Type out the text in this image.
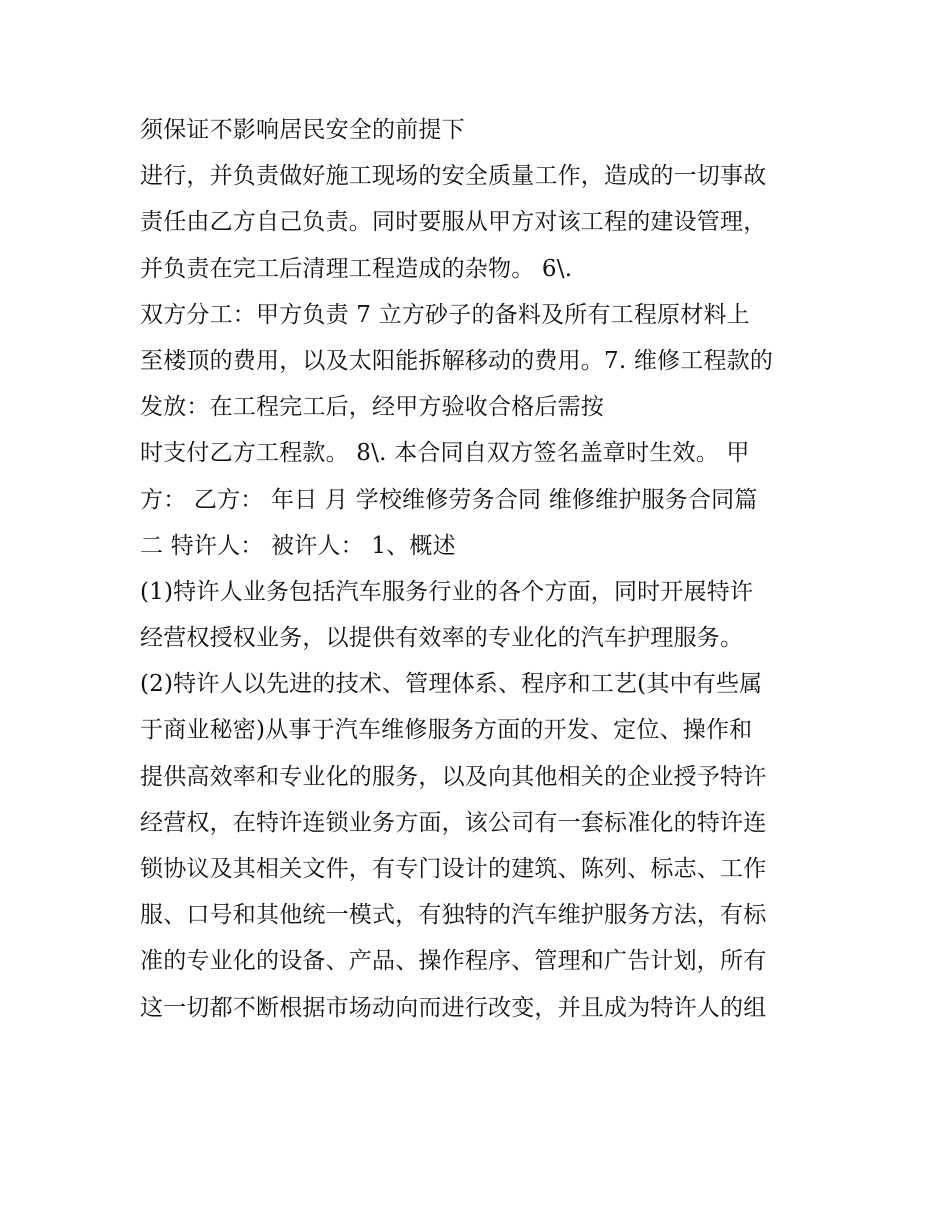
须保证不影响居民安全的前提下
进行，并负责做好施工现场的安全质量工作，造成的一切事故
责任由乙方自己负责。同时要服从甲方对该工程的建设管理，
并负责在完工后清理工程造成的杂物。 6\.
双方分工：甲方负责 7 立方砂子的备料及所有工程原材料上
至楼顶的费用，以及太阳能拆解移动的费用。7. 维修工程款的
发放：在工程完工后，经甲方验收合格后需按
时支付乙方工程款。 8\. 本合同自双方签名盖章时生效。 甲
方： 乙方： 年日 月 学校维修劳务合同 维修维护服务合同篇
二 特许人： 被许人： 1、概述
(1)特许人业务包括汽车服务行业的各个方面，同时开展特许
经营权授权业务，以提供有效率的专业化的汽车护理服务。
(2)特许人以先进的技术、管理体系、程序和工艺(其中有些属
于商业秘密)从事于汽车维修服务方面的开发、定位、操作和
提供高效率和专业化的服务，以及向其他相关的企业授予特许
经营权，在特许连锁业务方面，该公司有一套标准化的特许连
锁协议及其相关文件，有专门设计的建筑、陈列、标志、工作
服、口号和其他统一模式，有独特的汽车维护服务方法，有标
准的专业化的设备、产品、操作程序、管理和广告计划，所有
这一切都不断根据市场动向而进行改变，并且成为特许人的组
